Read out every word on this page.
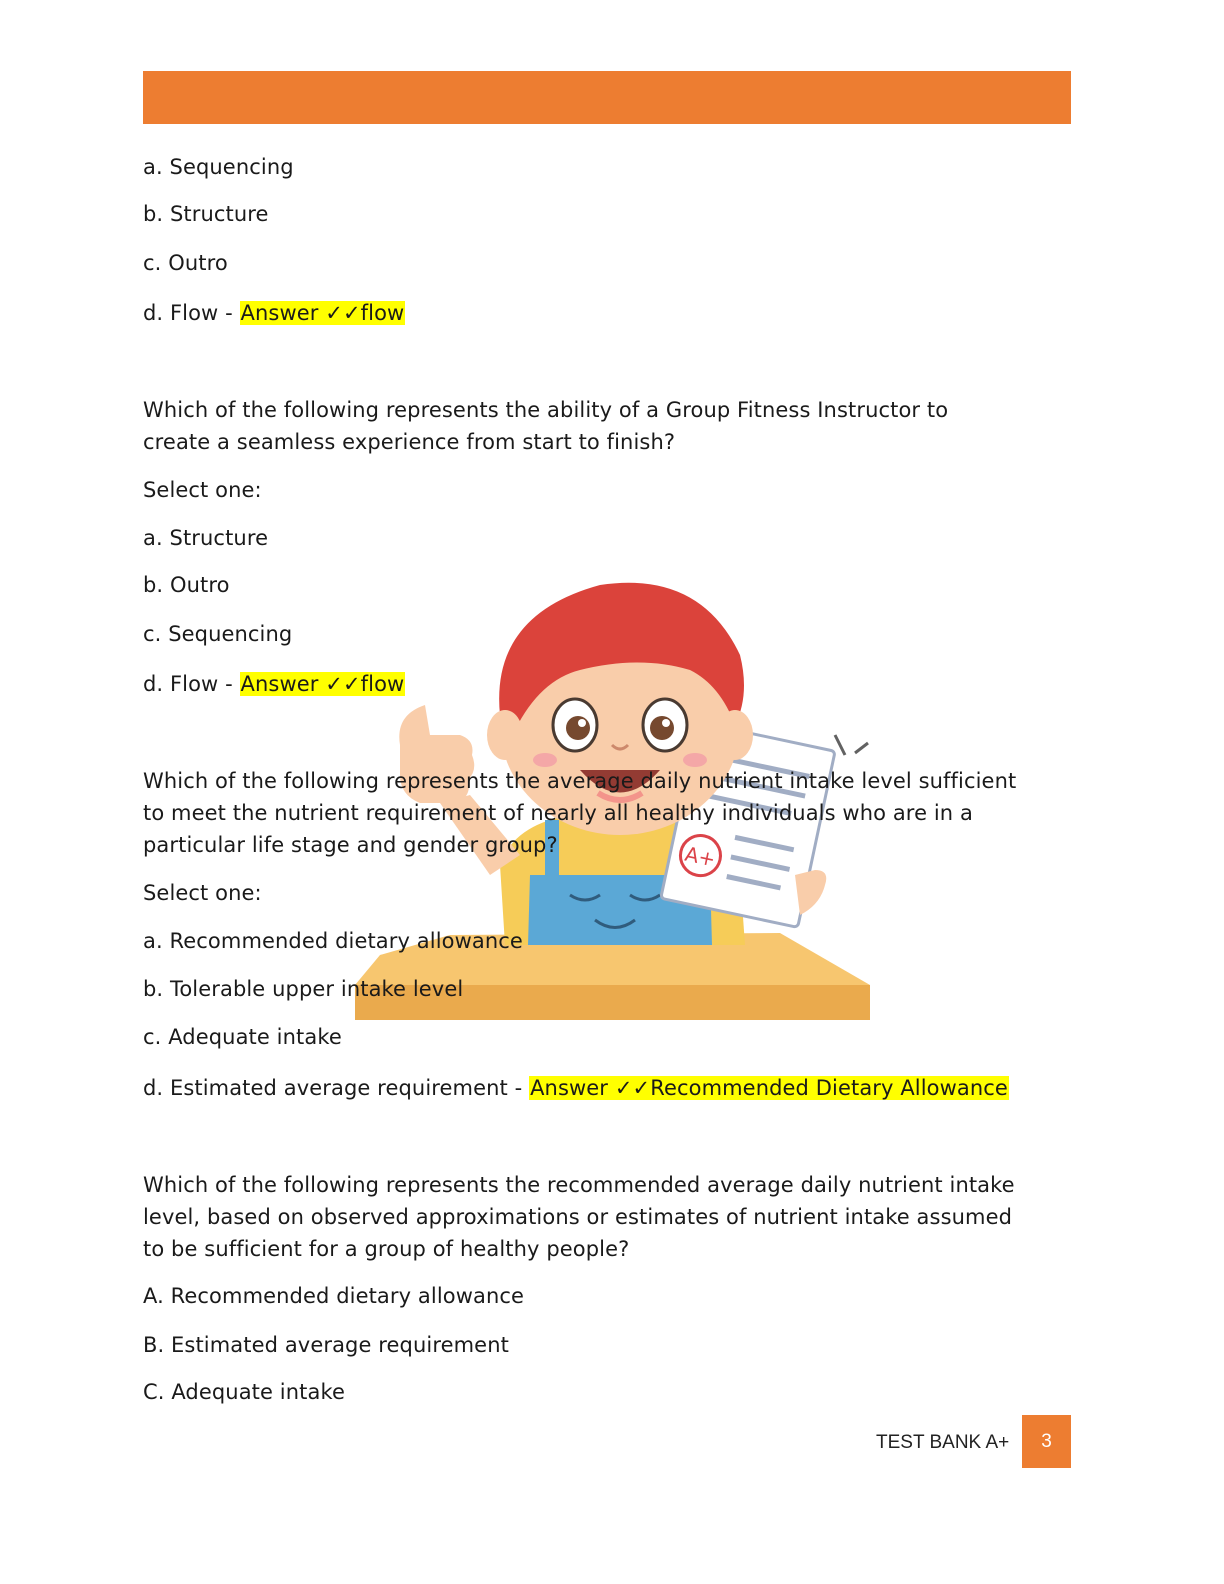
A+
a. Sequencing
b. Structure
c. Outro
d. Flow - Answer ✓✓flow
Which of the following represents the ability of a Group Fitness Instructor to
create a seamless experience from start to finish?
Select one:
a. Structure
b. Outro
c. Sequencing
d. Flow - Answer ✓✓flow
Which of the following represents the average daily nutrient intake level sufficient
to meet the nutrient requirement of nearly all healthy individuals who are in a
particular life stage and gender group?
Select one:
a. Recommended dietary allowance
b. Tolerable upper intake level
c. Adequate intake
d. Estimated average requirement - Answer ✓✓Recommended Dietary Allowance
Which of the following represents the recommended average daily nutrient intake
level, based on observed approximations or estimates of nutrient intake assumed
to be sufficient for a group of healthy people?
A. Recommended dietary allowance
B. Estimated average requirement
C. Adequate intake
TEST BANK A+	3
